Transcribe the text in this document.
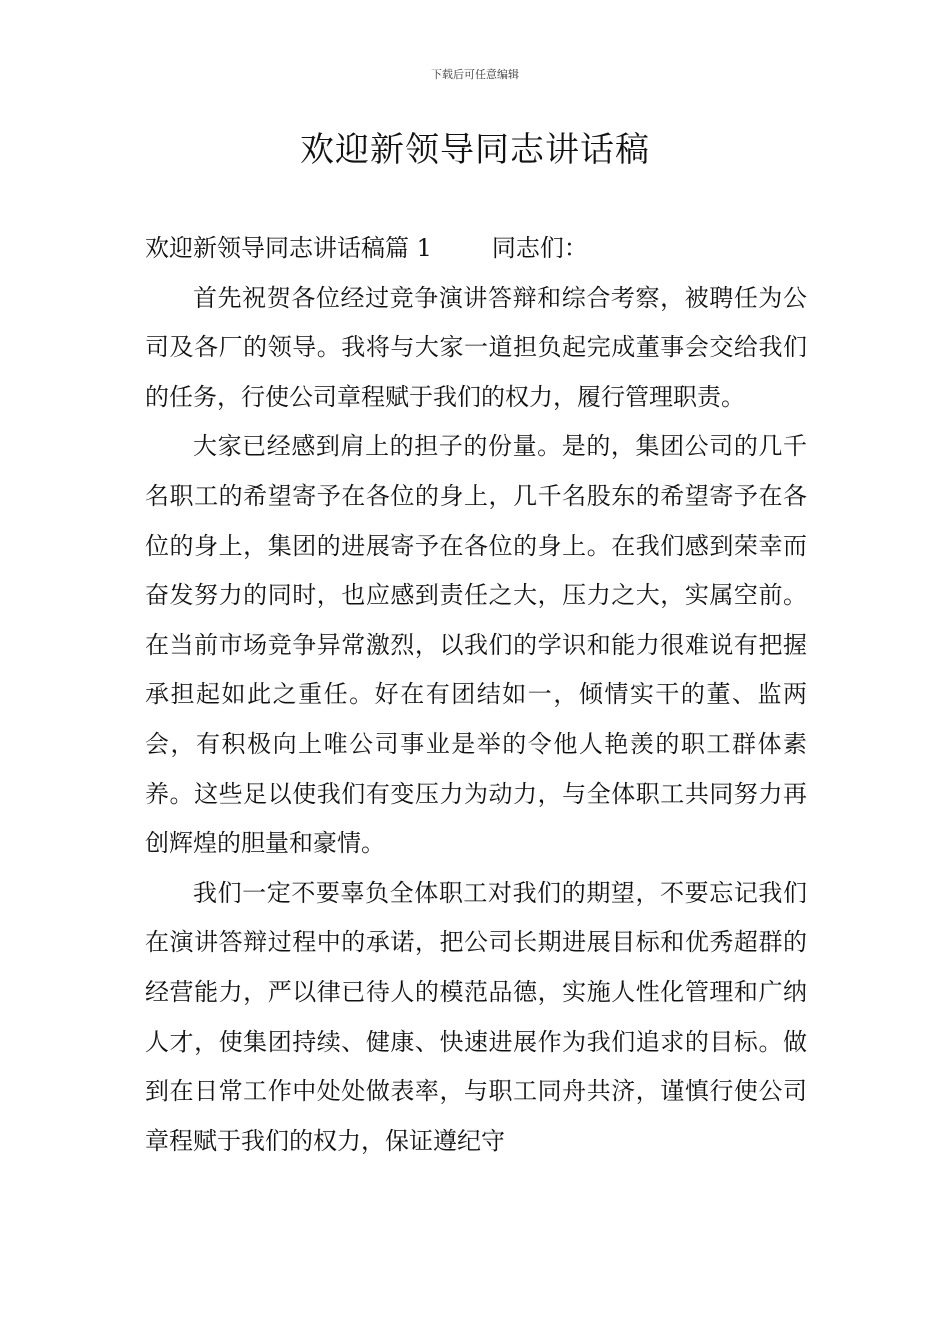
下载后可任意编辑
欢迎新领导同志讲话稿

欢迎新领导同志讲话稿篇 1	同志们：

首先祝贺各位经过竞争演讲答辩和综合考察，被聘任为公司及各厂的领导。我将与大家一道担负起完成董事会交给我们的任务，行使公司章程赋于我们的权力，履行管理职责。

大家已经感到肩上的担子的份量。是的，集团公司的几千名职工的希望寄予在各位的身上，几千名股东的希望寄予在各位的身上，集团的进展寄予在各位的身上。在我们感到荣幸而奋发努力的同时，也应感到责任之大，压力之大，实属空前。在当前市场竞争异常激烈，以我们的学识和能力很难说有把握承担起如此之重任。好在有团结如一，倾情实干的董、监两会，有积极向上唯公司事业是举的令他人艳羡的职工群体素养。这些足以使我们有变压力为动力，与全体职工共同努力再创辉煌的胆量和豪情。

我们一定不要辜负全体职工对我们的期望，不要忘记我们在演讲答辩过程中的承诺，把公司长期进展目标和优秀超群的经营能力，严以律已待人的模范品德，实施人性化管理和广纳人才，使集团持续、健康、快速进展作为我们追求的目标。做到在日常工作中处处做表率，与职工同舟共济，谨慎行使公司章程赋于我们的权力，保证遵纪守
